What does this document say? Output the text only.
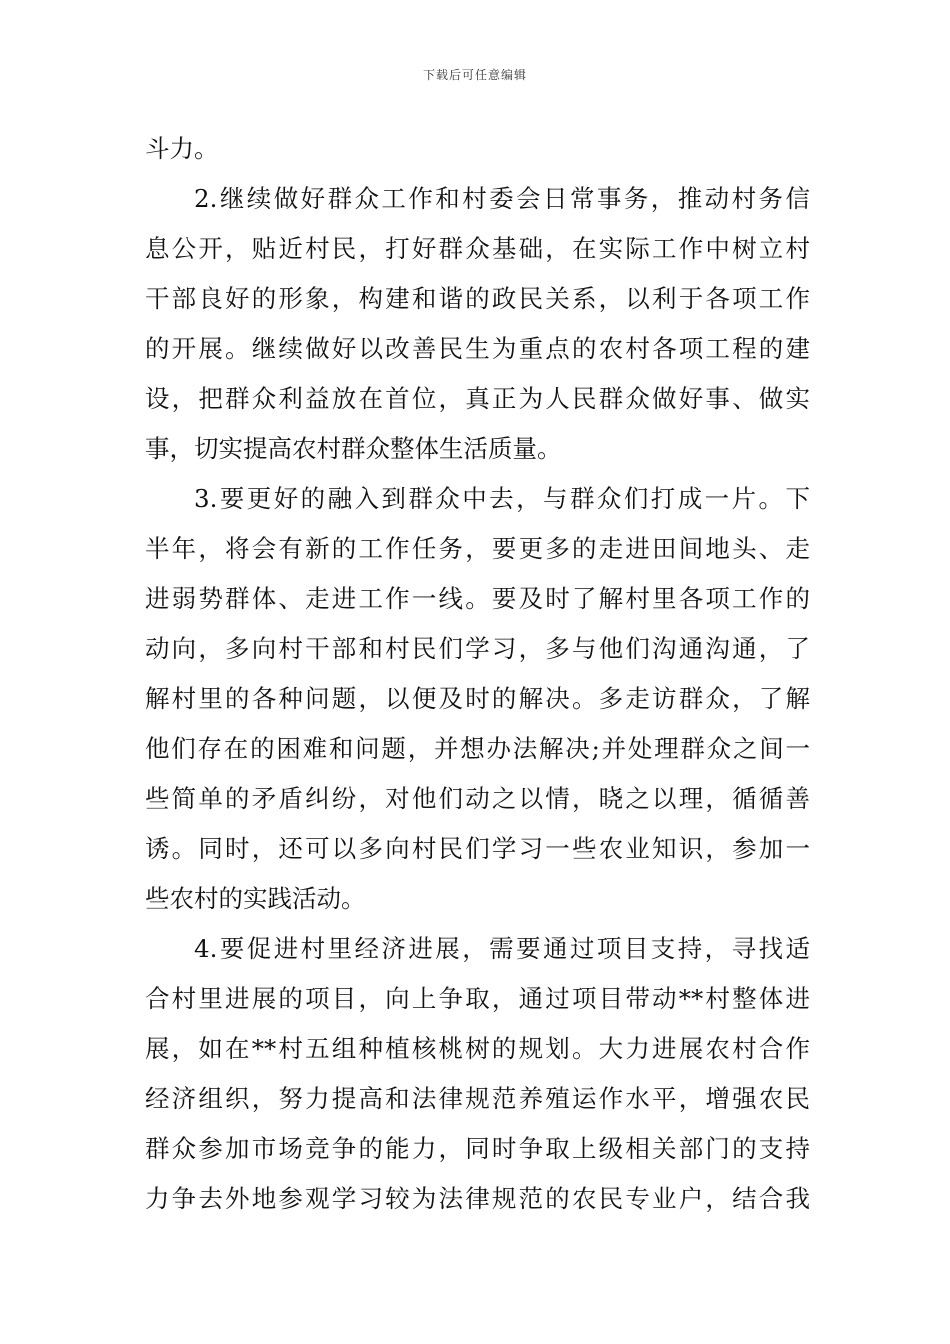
下载后可任意编辑
斗力。
2.继续做好群众工作和村委会日常事务，推动村务信
息公开，贴近村民，打好群众基础，在实际工作中树立村
干部良好的形象，构建和谐的政民关系，以利于各项工作
的开展。继续做好以改善民生为重点的农村各项工程的建
设，把群众利益放在首位，真正为人民群众做好事、做实
事，切实提高农村群众整体生活质量。
3.要更好的融入到群众中去，与群众们打成一片。下
半年，将会有新的工作任务，要更多的走进田间地头、走
进弱势群体、走进工作一线。要及时了解村里各项工作的
动向，多向村干部和村民们学习，多与他们沟通沟通，了
解村里的各种问题，以便及时的解决。多走访群众，了解
他们存在的困难和问题，并想办法解决;并处理群众之间一
些简单的矛盾纠纷，对他们动之以情，晓之以理，循循善
诱。同时，还可以多向村民们学习一些农业知识，参加一
些农村的实践活动。
4.要促进村里经济进展，需要通过项目支持，寻找适
合村里进展的项目，向上争取，通过项目带动**村整体进
展，如在**村五组种植核桃树的规划。大力进展农村合作
经济组织，努力提高和法律规范养殖运作水平，增强农民
群众参加市场竞争的能力，同时争取上级相关部门的支持
力争去外地参观学习较为法律规范的农民专业户，结合我
